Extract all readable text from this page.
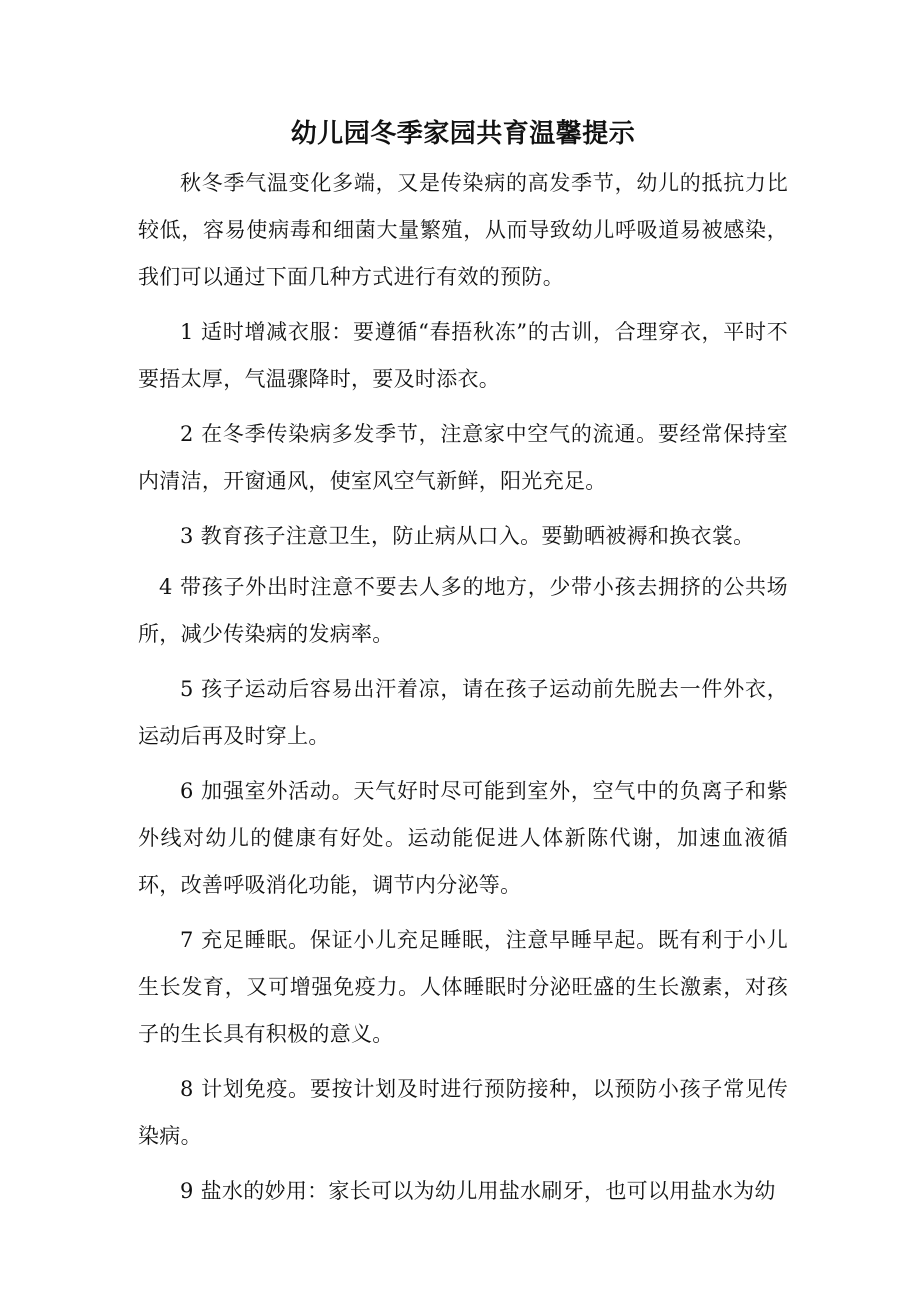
幼儿园冬季家园共育温馨提示

秋冬季气温变化多端，又是传染病的高发季节，幼儿的抵抗力比较低，容易使病毒和细菌大量繁殖，从而导致幼儿呼吸道易被感染，我们可以通过下面几种方式进行有效的预防。

1 适时增减衣服：要遵循“春捂秋冻”的古训，合理穿衣，平时不要捂太厚，气温骤降时，要及时添衣。

2 在冬季传染病多发季节，注意家中空气的流通。要经常保持室内清洁，开窗通风，使室风空气新鲜，阳光充足。

3 教育孩子注意卫生，防止病从口入。要勤晒被褥和换衣裳。

4 带孩子外出时注意不要去人多的地方，少带小孩去拥挤的公共场所，减少传染病的发病率。

5 孩子运动后容易出汗着凉，请在孩子运动前先脱去一件外衣，运动后再及时穿上。

6 加强室外活动。天气好时尽可能到室外，空气中的负离子和紫外线对幼儿的健康有好处。运动能促进人体新陈代谢，加速血液循环，改善呼吸消化功能，调节内分泌等。

7 充足睡眠。保证小儿充足睡眠，注意早睡早起。既有利于小儿生长发育，又可增强免疫力。人体睡眠时分泌旺盛的生长激素，对孩子的生长具有积极的意义。

8 计划免疫。要按计划及时进行预防接种，以预防小孩子常见传染病。

9 盐水的妙用：家长可以为幼儿用盐水刷牙，也可以用盐水为幼
